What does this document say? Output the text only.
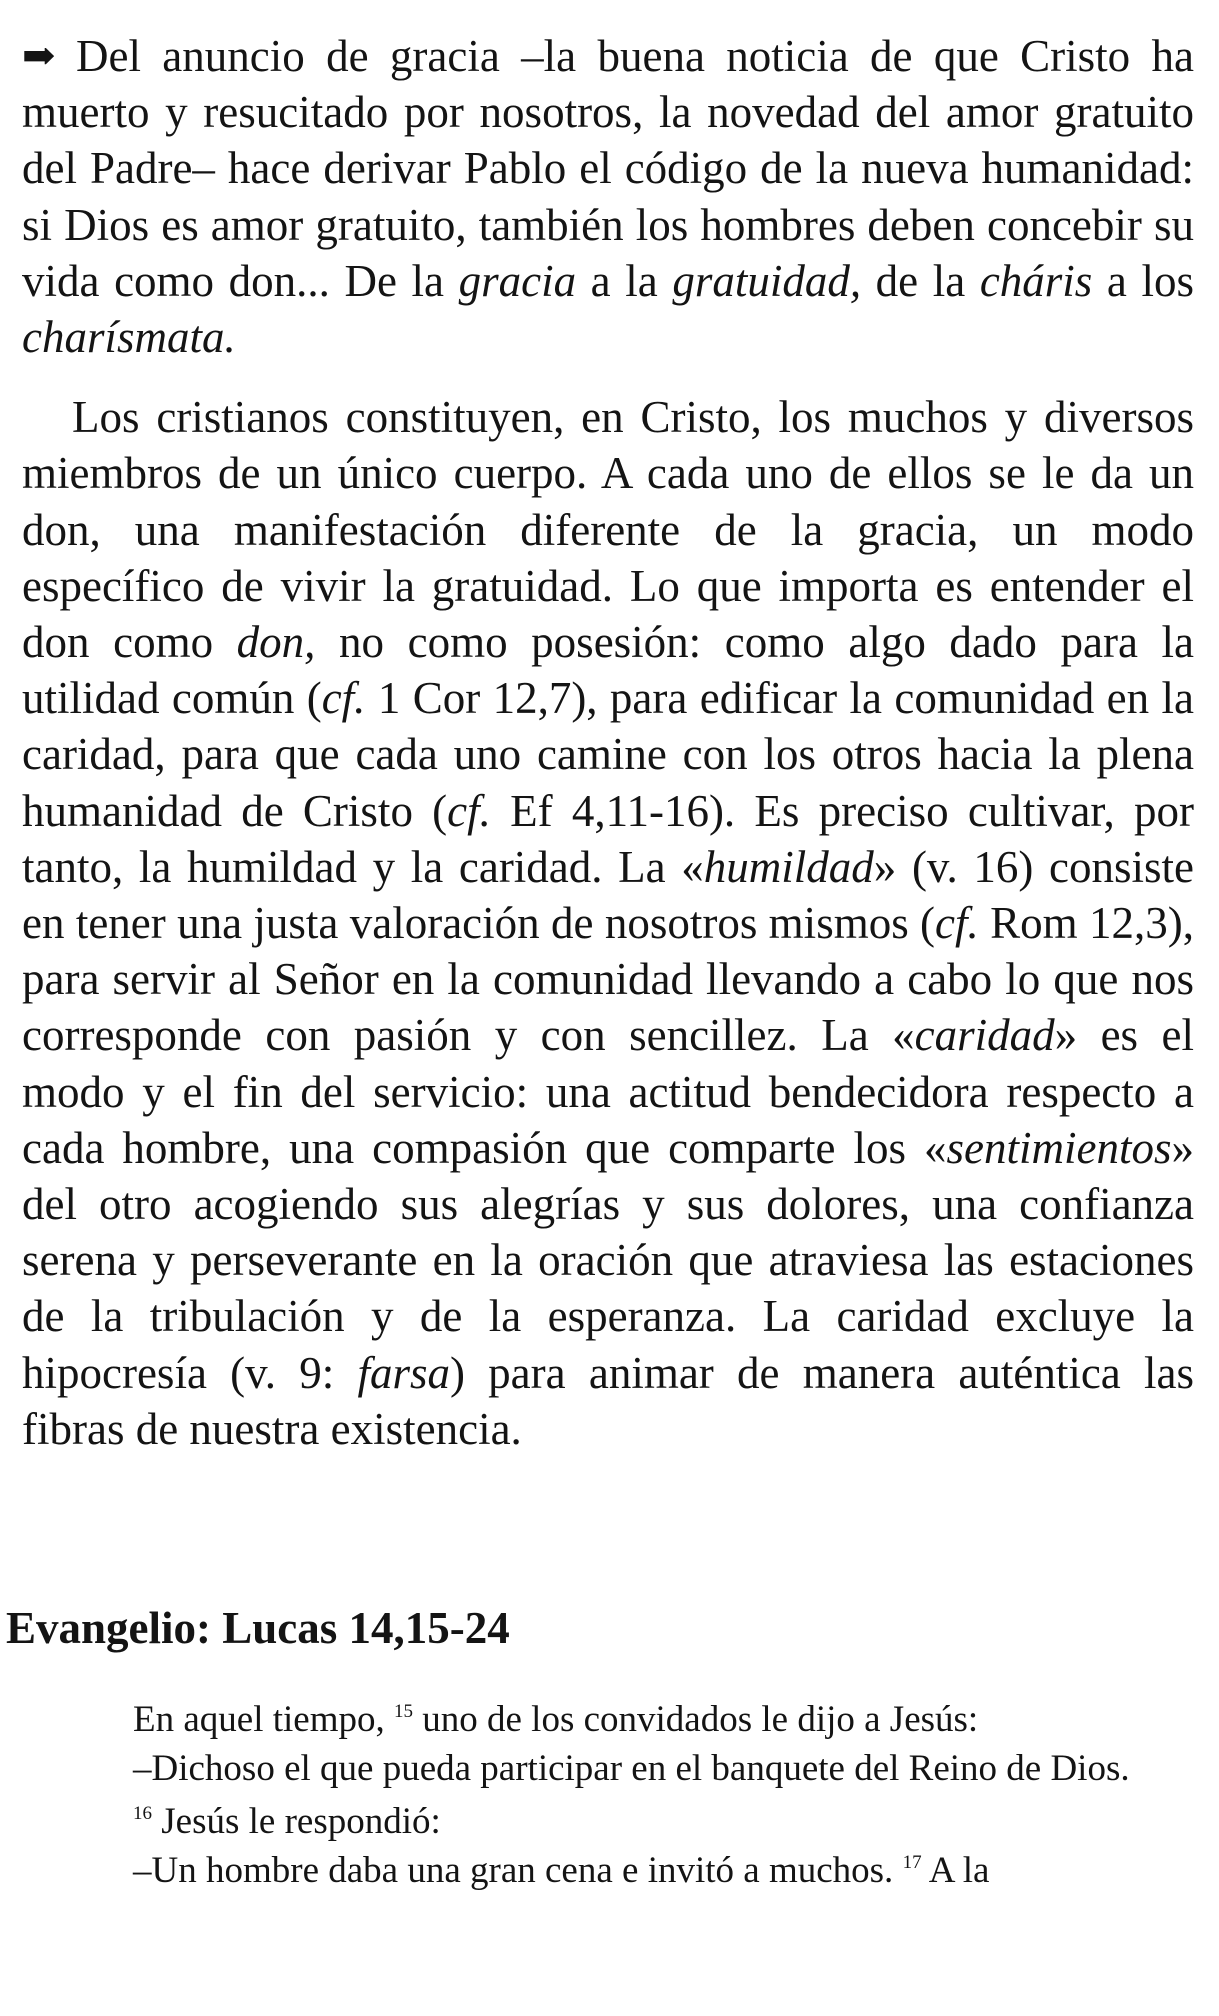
➡ Del anuncio de gracia –la buena noticia de que Cristo ha muerto y resucitado por nosotros, la novedad del amor gratuito del Padre– hace derivar Pablo el código de la nueva humanidad: si Dios es amor gratuito, también los hombres deben concebir su vida como don... De la gracia a la gratuidad, de la cháris a los charísmata.

Los cristianos constituyen, en Cristo, los muchos y diversos miembros de un único cuerpo. A cada uno de ellos se le da un don, una manifestación diferente de la gracia, un modo específico de vivir la gratuidad. Lo que importa es entender el don como don, no como posesión: como algo dado para la utilidad común (cf. 1 Cor 12,7), para edificar la comunidad en la caridad, para que cada uno camine con los otros hacia la plena humanidad de Cristo (cf. Ef 4,11-16). Es preciso cultivar, por tanto, la humildad y la caridad. La «humildad» (v. 16) consiste en tener una justa valoración de nosotros mismos (cf. Rom 12,3), para servir al Señor en la comunidad llevando a cabo lo que nos corresponde con pasión y con sencillez. La «caridad» es el modo y el fin del servicio: una actitud bendecidora respecto a cada hombre, una compasión que comparte los «sentimientos» del otro acogiendo sus alegrías y sus dolores, una confianza serena y perseverante en la oración que atraviesa las estaciones de la tribulación y de la esperanza. La caridad excluye la hipocresía (v. 9: farsa) para animar de manera auténtica las fibras de nuestra existencia.

Evangelio: Lucas 14,15-24

En aquel tiempo, $^{15}$ uno de los convidados le dijo a Jesús:

–Dichoso el que pueda participar en el banquete del Reino de Dios.

$^{16}$ Jesús le respondió:

–Un hombre daba una gran cena e invitó a muchos. $^{17}$ A la
